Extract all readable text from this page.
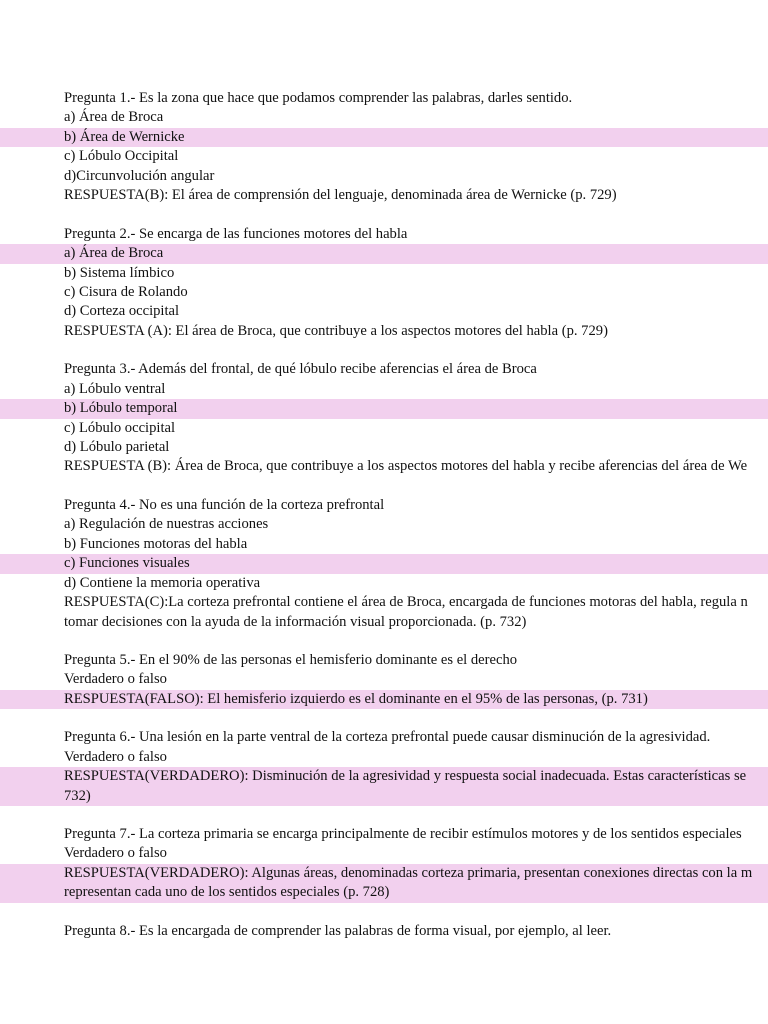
Pregunta 1.- Es la zona que hace que podamos comprender las palabras, darles sentido.
a) Área de Broca
b) Área de Wernicke
c) Lóbulo Occipital
d)Circunvolución angular
RESPUESTA(B): El área de comprensión del lenguaje, denominada área de Wernicke (p. 729)
Pregunta 2.- Se encarga de las funciones motores del habla
a) Área de Broca
b) Sistema límbico
c) Cisura de Rolando
d) Corteza occipital
RESPUESTA (A): El área de Broca, que contribuye a los aspectos motores del habla (p. 729)
Pregunta 3.- Además del frontal, de qué lóbulo recibe aferencias el área de Broca
a) Lóbulo ventral
b) Lóbulo temporal
c) Lóbulo occipital
d) Lóbulo parietal
RESPUESTA (B): Área de Broca, que contribuye a los aspectos motores del habla y recibe aferencias del área de We
Pregunta 4.- No es una función de la corteza prefrontal
a) Regulación de nuestras acciones
b) Funciones motoras del habla
c) Funciones visuales
d) Contiene la memoria operativa
RESPUESTA(C):La corteza prefrontal contiene el área de Broca, encargada de funciones motoras del habla, regula n
tomar decisiones con la ayuda de la información visual proporcionada. (p. 732)
Pregunta 5.- En el 90% de las personas el hemisferio dominante es el derecho
Verdadero o falso
RESPUESTA(FALSO): El hemisferio izquierdo es el dominante en el 95% de las personas, (p. 731)
Pregunta 6.- Una lesión en la parte ventral de la corteza prefrontal puede causar disminución de la agresividad.
Verdadero o falso
RESPUESTA(VERDADERO): Disminución de la agresividad y respuesta social inadecuada. Estas características se
732)
Pregunta 7.- La corteza primaria se encarga principalmente de recibir estímulos motores y de los sentidos especiales
Verdadero o falso
RESPUESTA(VERDADERO): Algunas áreas, denominadas corteza primaria, presentan conexiones directas con la m
representan cada uno de los sentidos especiales (p. 728)
Pregunta 8.- Es la encargada de comprender las palabras de forma visual, por ejemplo, al leer.
